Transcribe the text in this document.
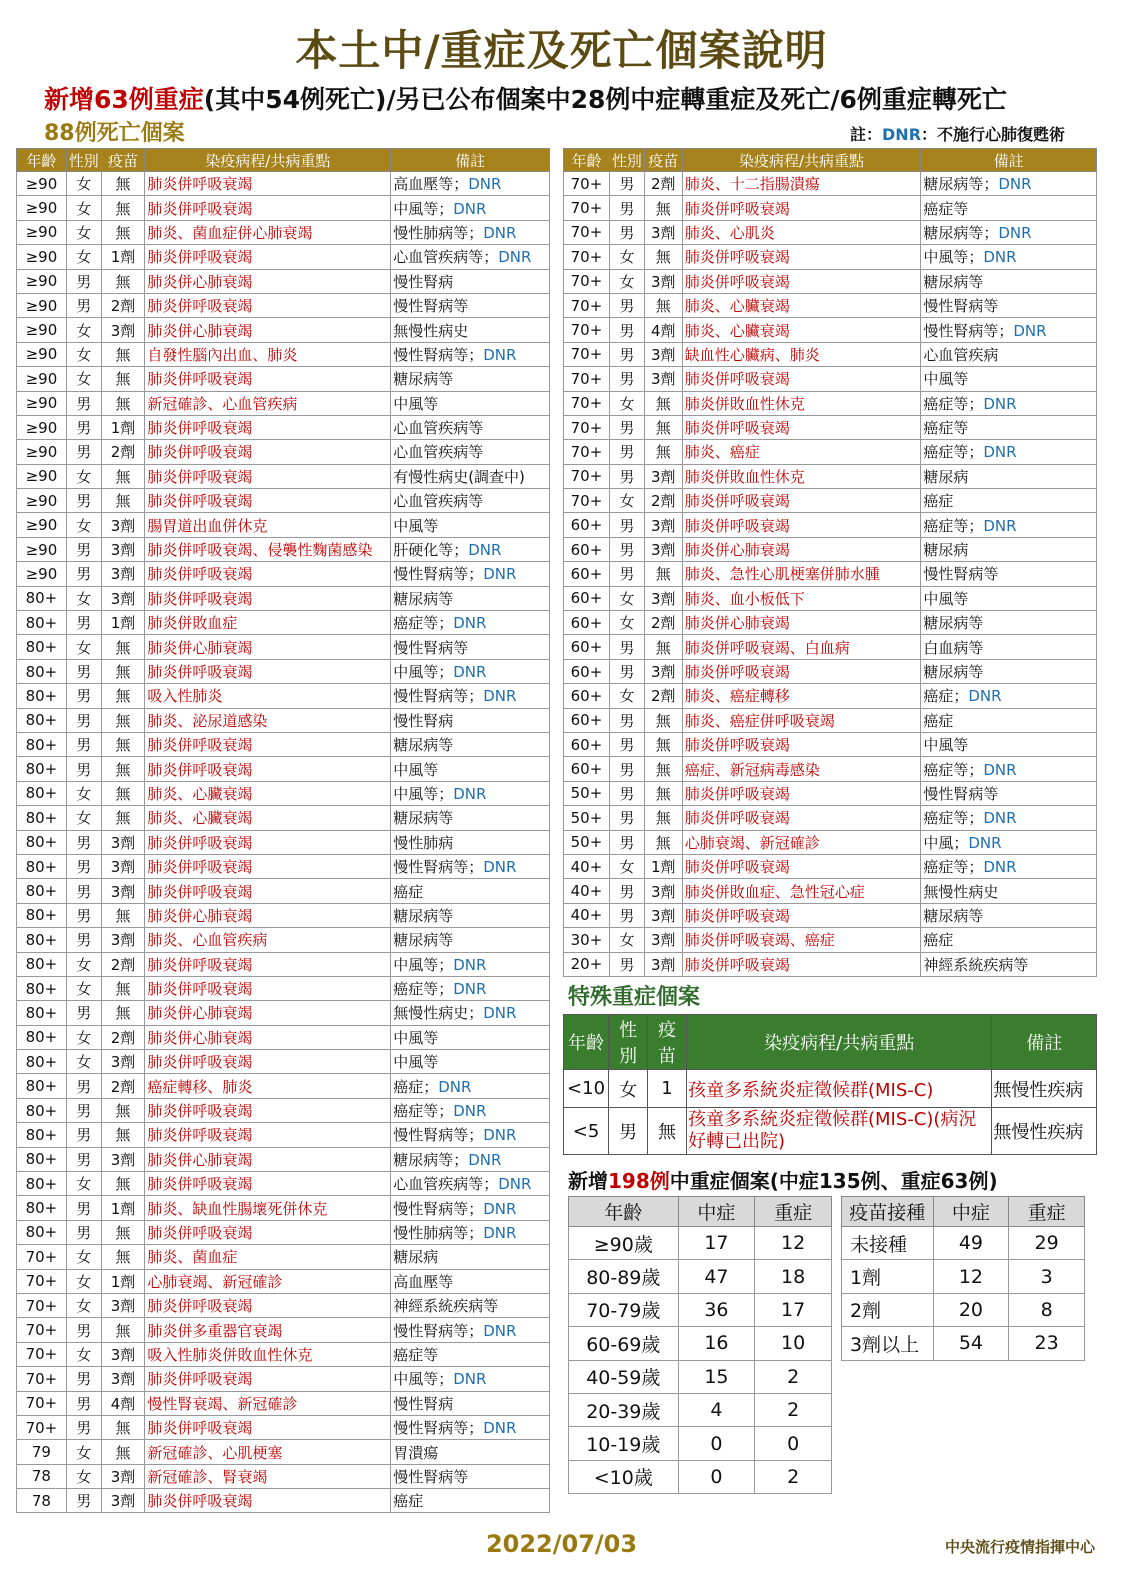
本土中/重症及死亡個案說明
新增63例重症(其中54例死亡)/另已公布個案中28例中症轉重症及死亡/6例重症轉死亡
88例死亡個案	註：DNR：不施行心肺復甦術
年齡	性別	疫苗	染疫病程/共病重點	備註
≥90	女	無	肺炎併呼吸衰竭	高血壓等；DNR
≥90	女	無	肺炎併呼吸衰竭	中風等；DNR
≥90	女	無	肺炎、菌血症併心肺衰竭	慢性肺病等；DNR
≥90	女	1劑	肺炎併呼吸衰竭	心血管疾病等；DNR
≥90	男	無	肺炎併心肺衰竭	慢性腎病
≥90	男	2劑	肺炎併呼吸衰竭	慢性腎病等
≥90	女	3劑	肺炎併心肺衰竭	無慢性病史
≥90	女	無	自發性腦內出血、肺炎	慢性腎病等；DNR
≥90	女	無	肺炎併呼吸衰竭	糖尿病等
≥90	男	無	新冠確診、心血管疾病	中風等
≥90	男	1劑	肺炎併呼吸衰竭	心血管疾病等
≥90	男	2劑	肺炎併呼吸衰竭	心血管疾病等
≥90	女	無	肺炎併呼吸衰竭	有慢性病史(調查中)
≥90	男	無	肺炎併呼吸衰竭	心血管疾病等
≥90	女	3劑	腸胃道出血併休克	中風等
≥90	男	3劑	肺炎併呼吸衰竭、侵襲性麴菌感染	肝硬化等；DNR
≥90	男	3劑	肺炎併呼吸衰竭	慢性腎病等；DNR
80+	女	3劑	肺炎併呼吸衰竭	糖尿病等
80+	男	1劑	肺炎併敗血症	癌症等；DNR
80+	女	無	肺炎併心肺衰竭	慢性腎病等
80+	男	無	肺炎併呼吸衰竭	中風等；DNR
80+	男	無	吸入性肺炎	慢性腎病等；DNR
80+	男	無	肺炎、泌尿道感染	慢性腎病
80+	男	無	肺炎併呼吸衰竭	糖尿病等
80+	男	無	肺炎併呼吸衰竭	中風等
80+	女	無	肺炎、心臟衰竭	中風等；DNR
80+	女	無	肺炎、心臟衰竭	糖尿病等
80+	男	3劑	肺炎併呼吸衰竭	慢性肺病
80+	男	3劑	肺炎併呼吸衰竭	慢性腎病等；DNR
80+	男	3劑	肺炎併呼吸衰竭	癌症
80+	男	無	肺炎併心肺衰竭	糖尿病等
80+	男	3劑	肺炎、心血管疾病	糖尿病等
80+	女	2劑	肺炎併呼吸衰竭	中風等；DNR
80+	女	無	肺炎併呼吸衰竭	癌症等；DNR
80+	男	無	肺炎併心肺衰竭	無慢性病史；DNR
80+	女	2劑	肺炎併心肺衰竭	中風等
80+	女	3劑	肺炎併呼吸衰竭	中風等
80+	男	2劑	癌症轉移、肺炎	癌症；DNR
80+	男	無	肺炎併呼吸衰竭	癌症等；DNR
80+	男	無	肺炎併呼吸衰竭	慢性腎病等；DNR
80+	男	3劑	肺炎併心肺衰竭	糖尿病等；DNR
80+	女	無	肺炎併呼吸衰竭	心血管疾病等；DNR
80+	男	1劑	肺炎、缺血性腸壞死併休克	慢性腎病等；DNR
80+	男	無	肺炎併呼吸衰竭	慢性肺病等；DNR
70+	女	無	肺炎、菌血症	糖尿病
70+	女	1劑	心肺衰竭、新冠確診	高血壓等
70+	女	3劑	肺炎併呼吸衰竭	神經系統疾病等
70+	男	無	肺炎併多重器官衰竭	慢性腎病等；DNR
70+	女	3劑	吸入性肺炎併敗血性休克	癌症等
70+	男	3劑	肺炎併呼吸衰竭	中風等；DNR
70+	男	4劑	慢性腎衰竭、新冠確診	慢性腎病
70+	男	無	肺炎併呼吸衰竭	慢性腎病等；DNR
79	女	無	新冠確診、心肌梗塞	胃潰瘍
78	女	3劑	新冠確診、腎衰竭	慢性腎病等
78	男	3劑	肺炎併呼吸衰竭	癌症
年齡	性別	疫苗	染疫病程/共病重點	備註
70+	男	2劑	肺炎、十二指腸潰瘍	糖尿病等；DNR
70+	男	無	肺炎併呼吸衰竭	癌症等
70+	男	3劑	肺炎、心肌炎	糖尿病等；DNR
70+	女	無	肺炎併呼吸衰竭	中風等；DNR
70+	女	3劑	肺炎併呼吸衰竭	糖尿病等
70+	男	無	肺炎、心臟衰竭	慢性腎病等
70+	男	4劑	肺炎、心臟衰竭	慢性腎病等；DNR
70+	男	3劑	缺血性心臟病、肺炎	心血管疾病
70+	男	3劑	肺炎併呼吸衰竭	中風等
70+	女	無	肺炎併敗血性休克	癌症等；DNR
70+	男	無	肺炎併呼吸衰竭	癌症等
70+	男	無	肺炎、癌症	癌症等；DNR
70+	男	3劑	肺炎併敗血性休克	糖尿病
70+	女	2劑	肺炎併呼吸衰竭	癌症
60+	男	3劑	肺炎併呼吸衰竭	癌症等；DNR
60+	男	3劑	肺炎併心肺衰竭	糖尿病
60+	男	無	肺炎、急性心肌梗塞併肺水腫	慢性腎病等
60+	女	3劑	肺炎、血小板低下	中風等
60+	女	2劑	肺炎併心肺衰竭	糖尿病等
60+	男	無	肺炎併呼吸衰竭、白血病	白血病等
60+	男	3劑	肺炎併呼吸衰竭	糖尿病等
60+	女	2劑	肺炎、癌症轉移	癌症；DNR
60+	男	無	肺炎、癌症併呼吸衰竭	癌症
60+	男	無	肺炎併呼吸衰竭	中風等
60+	男	無	癌症、新冠病毒感染	癌症等；DNR
50+	男	無	肺炎併呼吸衰竭	慢性腎病等
50+	男	無	肺炎併呼吸衰竭	癌症等；DNR
50+	男	無	心肺衰竭、新冠確診	中風；DNR
40+	女	1劑	肺炎併呼吸衰竭	癌症等；DNR
40+	男	3劑	肺炎併敗血症、急性冠心症	無慢性病史
40+	男	3劑	肺炎併呼吸衰竭	糖尿病等
30+	女	3劑	肺炎併呼吸衰竭、癌症	癌症
20+	男	3劑	肺炎併呼吸衰竭	神經系統疾病等
特殊重症個案
年齡	性別	疫苗	染疫病程/共病重點	備註
<10	女	1	孩童多系統炎症徵候群(MIS-C)	無慢性疾病
<5	男	無	孩童多系統炎症徵候群(MIS-C)(病況好轉已出院)	無慢性疾病
新增198例中重症個案(中症135例、重症63例)
年齡	中症	重症
≥90歲	17	12
80-89歲	47	18
70-79歲	36	17
60-69歲	16	10
40-59歲	15	2
20-39歲	4	2
10-19歲	0	0
<10歲	0	2
疫苗接種	中症	重症
未接種	49	29
1劑	12	3
2劑	20	8
3劑以上	54	23
2022/07/03	中央流行疫情指揮中心
